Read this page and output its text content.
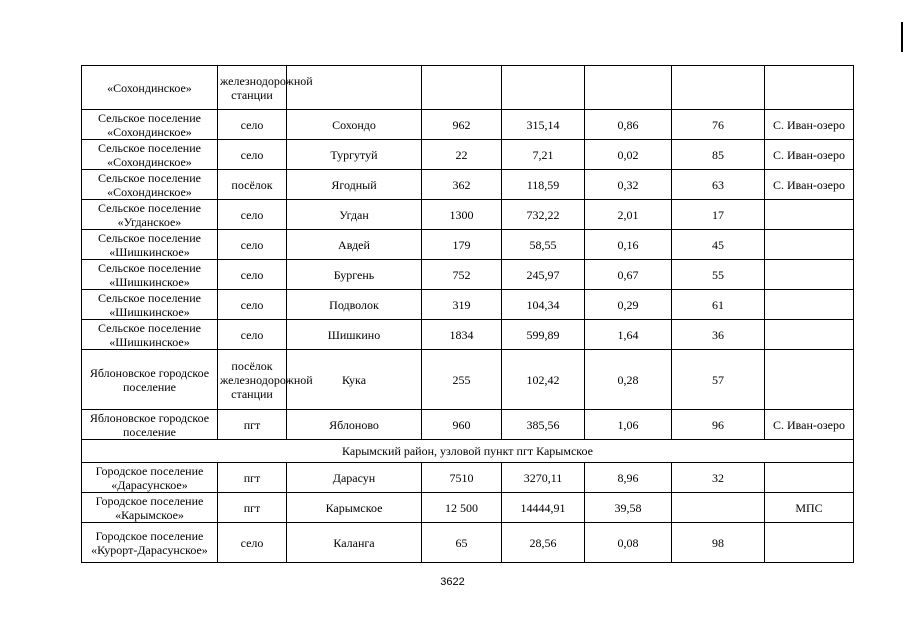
«Сохондинское»	железнодорожной станции						
Сельское поселение «Сохондинское»	село	Сохондо	962	315,14	0,86	76	С. Иван-озеро
Сельское поселение «Сохондинское»	село	Тургутуй	22	7,21	0,02	85	С. Иван-озеро
Сельское поселение «Сохондинское»	посёлок	Ягодный	362	118,59	0,32	63	С. Иван-озеро
Сельское поселение «Угданское»	село	Угдан	1300	732,22	2,01	17	
Сельское поселение «Шишкинское»	село	Авдей	179	58,55	0,16	45	
Сельское поселение «Шишкинское»	село	Бургень	752	245,97	0,67	55	
Сельское поселение «Шишкинское»	село	Подволок	319	104,34	0,29	61	
Сельское поселение «Шишкинское»	село	Шишкино	1834	599,89	1,64	36	
Яблоновское городское поселение	посёлок железнодорожной станции	Кука	255	102,42	0,28	57	
Яблоновское городское поселение	пгт	Яблоново	960	385,56	1,06	96	С. Иван-озеро
Карымский район, узловой пункт пгт Карымское							
Городское поселение «Дарасунское»	пгт	Дарасун	7510	3270,11	8,96	32	
Городское поселение «Карымское»	пгт	Карымское	12 500	14444,91	39,58		МПС
Городское поселение «Курорт-Дарасунское»	село	Каланга	65	28,56	0,08	98	
3622
